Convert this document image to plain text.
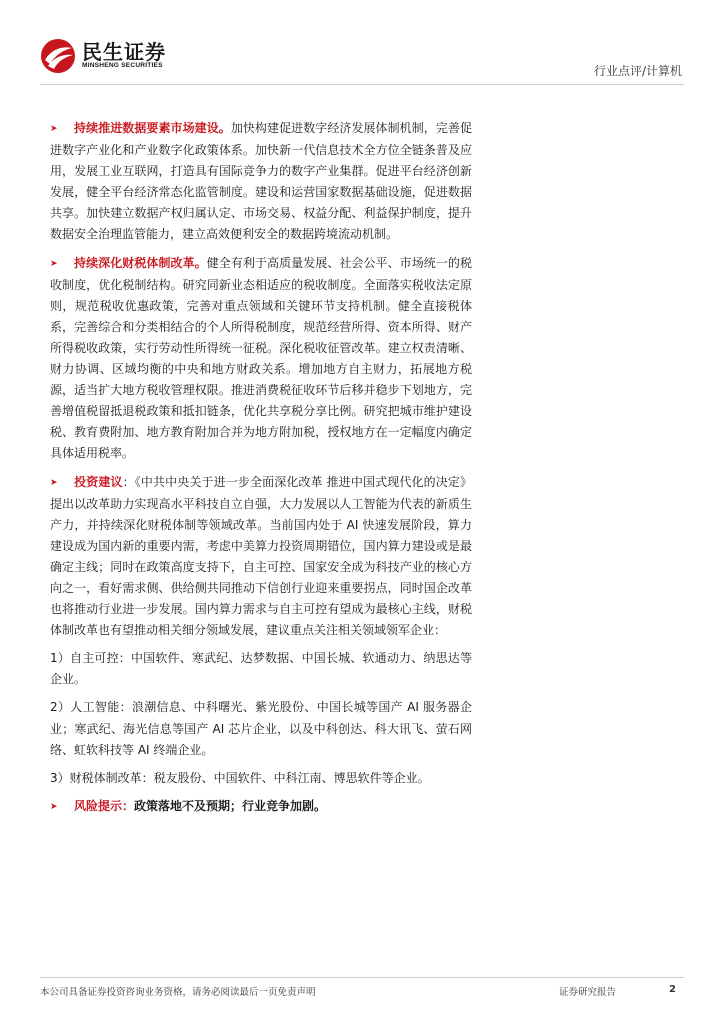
民生证券
MINSHENG SECURITIES	行业点评/计算机

➤ 持续推进数据要素市场建设。加快构建促进数字经济发展体制机制，完善促进数字产业化和产业数字化政策体系。加快新一代信息技术全方位全链条普及应用，发展工业互联网，打造具有国际竞争力的数字产业集群。促进平台经济创新发展，健全平台经济常态化监管制度。建设和运营国家数据基础设施，促进数据共享。加快建立数据产权归属认定、市场交易、权益分配、利益保护制度，提升数据安全治理监管能力，建立高效便利安全的数据跨境流动机制。

➤ 持续深化财税体制改革。健全有利于高质量发展、社会公平、市场统一的税收制度，优化税制结构。研究同新业态相适应的税收制度。全面落实税收法定原则，规范税收优惠政策，完善对重点领域和关键环节支持机制。健全直接税体系，完善综合和分类相结合的个人所得税制度，规范经营所得、资本所得、财产所得税收政策，实行劳动性所得统一征税。深化税收征管改革。建立权责清晰、财力协调、区域均衡的中央和地方财政关系。增加地方自主财力，拓展地方税源，适当扩大地方税收管理权限。推进消费税征收环节后移并稳步下划地方，完善增值税留抵退税政策和抵扣链条，优化共享税分享比例。研究把城市维护建设税、教育费附加、地方教育附加合并为地方附加税，授权地方在一定幅度内确定具体适用税率。

➤ 投资建议：《中共中央关于进一步全面深化改革 推进中国式现代化的决定》提出以改革助力实现高水平科技自立自强，大力发展以人工智能为代表的新质生产力，并持续深化财税体制等领域改革。当前国内处于 AI 快速发展阶段，算力建设成为国内新的重要内需，考虑中美算力投资周期错位，国内算力建设或是最确定主线；同时在政策高度支持下，自主可控、国家安全成为科技产业的核心方向之一，看好需求侧、供给侧共同推动下信创行业迎来重要拐点，同时国企改革也将推动行业进一步发展。国内算力需求与自主可控有望成为最核心主线，财税体制改革也有望推动相关细分领域发展，建议重点关注相关领域领军企业：

1）自主可控：中国软件、寒武纪、达梦数据、中国长城、软通动力、纳思达等企业。

2）人工智能：浪潮信息、中科曙光、紫光股份、中国长城等国产 AI 服务器企业；寒武纪、海光信息等国产 AI 芯片企业，以及中科创达、科大讯飞、萤石网络、虹软科技等 AI 终端企业。

3）财税体制改革：税友股份、中国软件、中科江南、博思软件等企业。

➤ 风险提示：政策落地不及预期；行业竞争加剧。

本公司具备证券投资咨询业务资格，请务必阅读最后一页免责声明	证券研究报告	2
